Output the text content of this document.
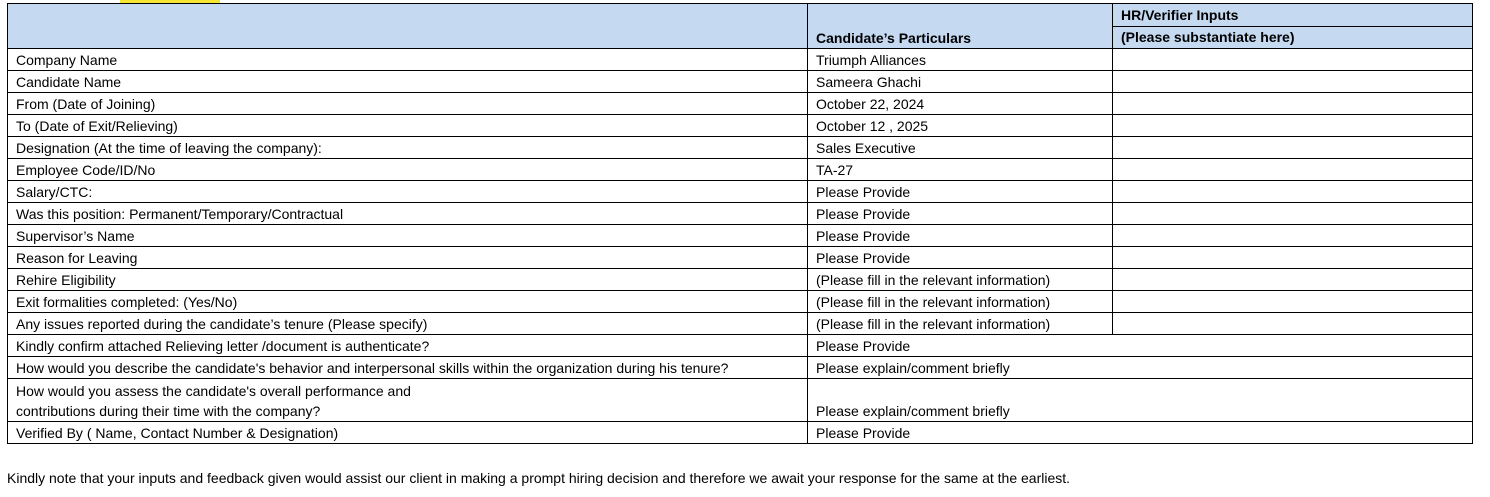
	Candidate’s Particulars	HR/Verifier Inputs
(Please substantiate here)

Company Name	Triumph Alliances	
Candidate Name	Sameera Ghachi	
From (Date of Joining)	October 22, 2024	
To (Date of Exit/Relieving)	October 12 , 2025	
Designation (At the time of leaving the company):	Sales Executive	
Employee Code/ID/No	TA-27	
Salary/CTC:	Please Provide	
Was this position: Permanent/Temporary/Contractual	Please Provide	
Supervisor’s Name	Please Provide	
Reason for Leaving	Please Provide	
Rehire Eligibility	(Please fill in the relevant information)	
Exit formalities completed: (Yes/No)	(Please fill in the relevant information)	
Any issues reported during the candidate’s tenure (Please specify)	(Please fill in the relevant information)	
Kindly confirm attached Relieving letter /document is authenticate?	Please Provide	
How would you describe the candidate's behavior and interpersonal skills within the organization during his tenure?	Please explain/comment briefly	

How would you assess the candidate's overall performance and
contributions during their time with the company?	Please explain/comment briefly	
Verified By ( Name, Contact Number & Designation)	Please Provide	
Kindly note that your inputs and feedback given would assist our client in making a prompt hiring decision and therefore we await your response for the same at the earliest.
